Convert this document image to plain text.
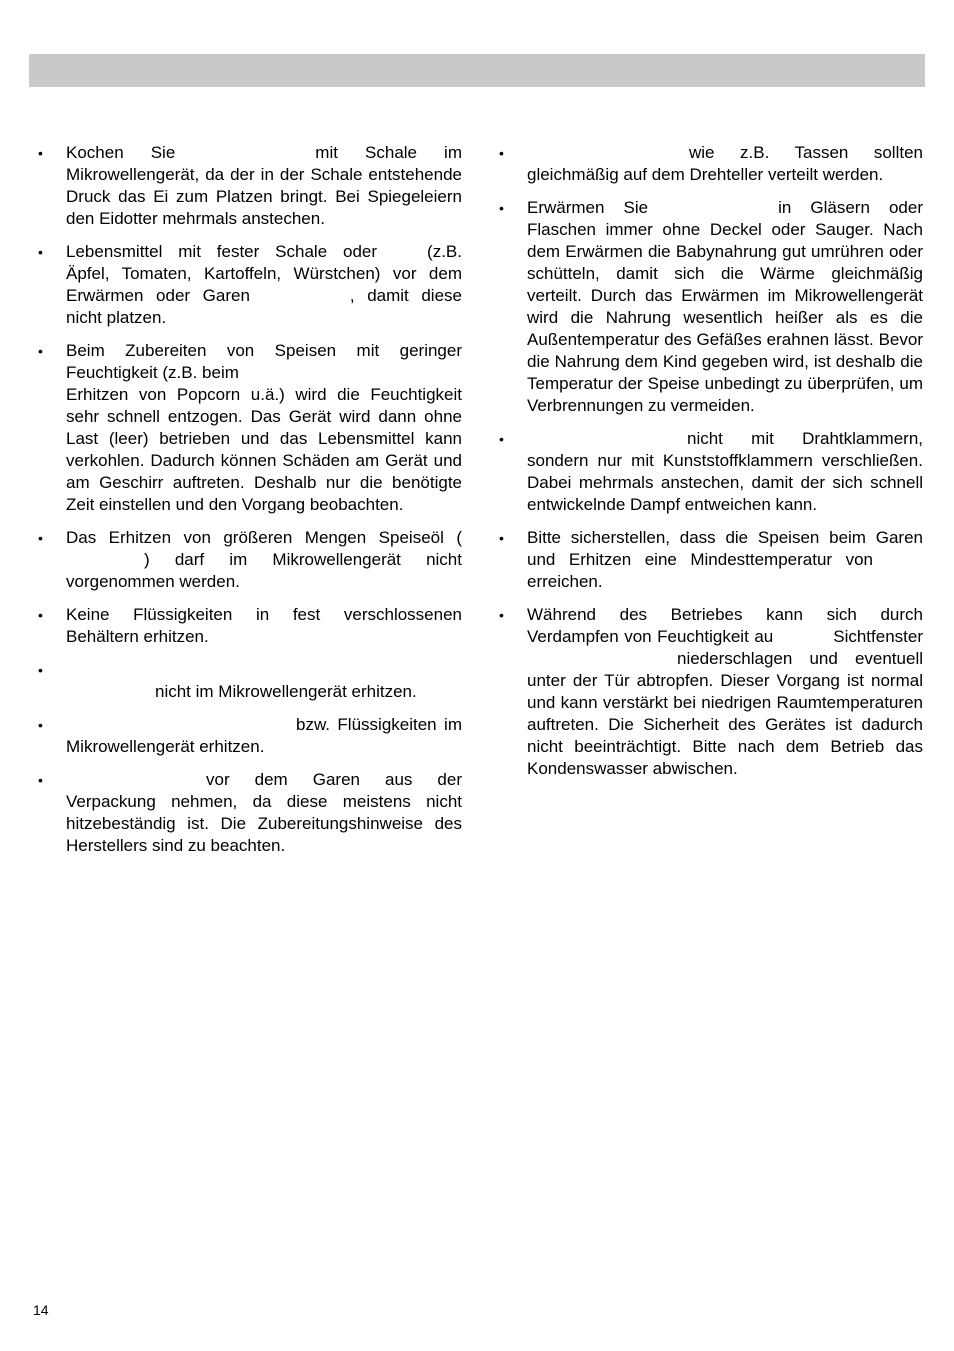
• Kochen Sie	mit Schale im Mikrowellengerät, da der in der Schale entstehende Druck das Ei zum Platzen bringt. Bei Spiegeleiern den Eidotter mehrmals anstechen.
• Lebensmittel mit fester Schale oder	(z.B. Äpfel, Tomaten, Kartoffeln, Würstchen) vor dem Erwärmen oder Garen	, damit diese nicht platzen.
• Beim Zubereiten von Speisen mit geringer Feuchtigkeit (z.B. beim
Erhitzen von Popcorn u.ä.) wird die Feuchtigkeit sehr schnell entzogen. Das Gerät wird dann ohne Last (leer) betrieben und das Lebensmittel kann verkohlen. Dadurch können Schäden am Gerät und am Geschirr auftreten. Deshalb nur die benötigte Zeit einstellen und den Vorgang beobachten.
• Das Erhitzen von größeren Mengen Speiseöl () darf im Mikrowellengerät nicht vorgenommen werden.
• Keine Flüssigkeiten in fest verschlossenen Behältern erhitzen.
•

nicht im Mikrowellengerät erhitzen.
•	bzw. Flüssigkeiten im Mikrowellengerät erhitzen.
•	vor dem Garen aus der Verpackung nehmen, da diese meistens nicht hitzebeständig ist. Die Zubereitungshinweise des Herstellers sind zu beachten.
•	wie z.B. Tassen sollten gleichmäßig auf dem Drehteller verteilt werden.
• Erwärmen Sie	in Gläsern oder Flaschen immer ohne Deckel oder Sauger. Nach dem Erwärmen die Babynahrung gut umrühren oder schütteln, damit sich die Wärme gleichmäßig verteilt. Durch das Erwärmen im Mikrowellengerät wird die Nahrung wesentlich heißer als es die Außentemperatur des Gefäßes erahnen lässt. Bevor die Nahrung dem Kind gegeben wird, ist deshalb die Temperatur der Speise unbedingt zu überprüfen, um Verbrennungen zu vermeiden.
•	nicht mit Drahtklammern, sondern nur mit Kunststoffklammern verschließen. Dabei mehrmals anstechen, damit der sich schnell entwickelnde Dampf entweichen kann.
• Bitte sicherstellen, dass die Speisen beim Garen und Erhitzen eine Mindesttemperatur vonerreichen.
• Während des Betriebes kann sich durch Verdampfen von Feuchtigkeit au	Sichtfensterniederschlagen und eventuell unter der Tür abtropfen. Dieser Vorgang ist normal und kann verstärkt bei niedrigen Raumtemperaturen auftreten. Die Sicherheit des Gerätes ist dadurch nicht beeinträchtigt. Bitte nach dem Betrieb das Kondenswasser abwischen.
14
